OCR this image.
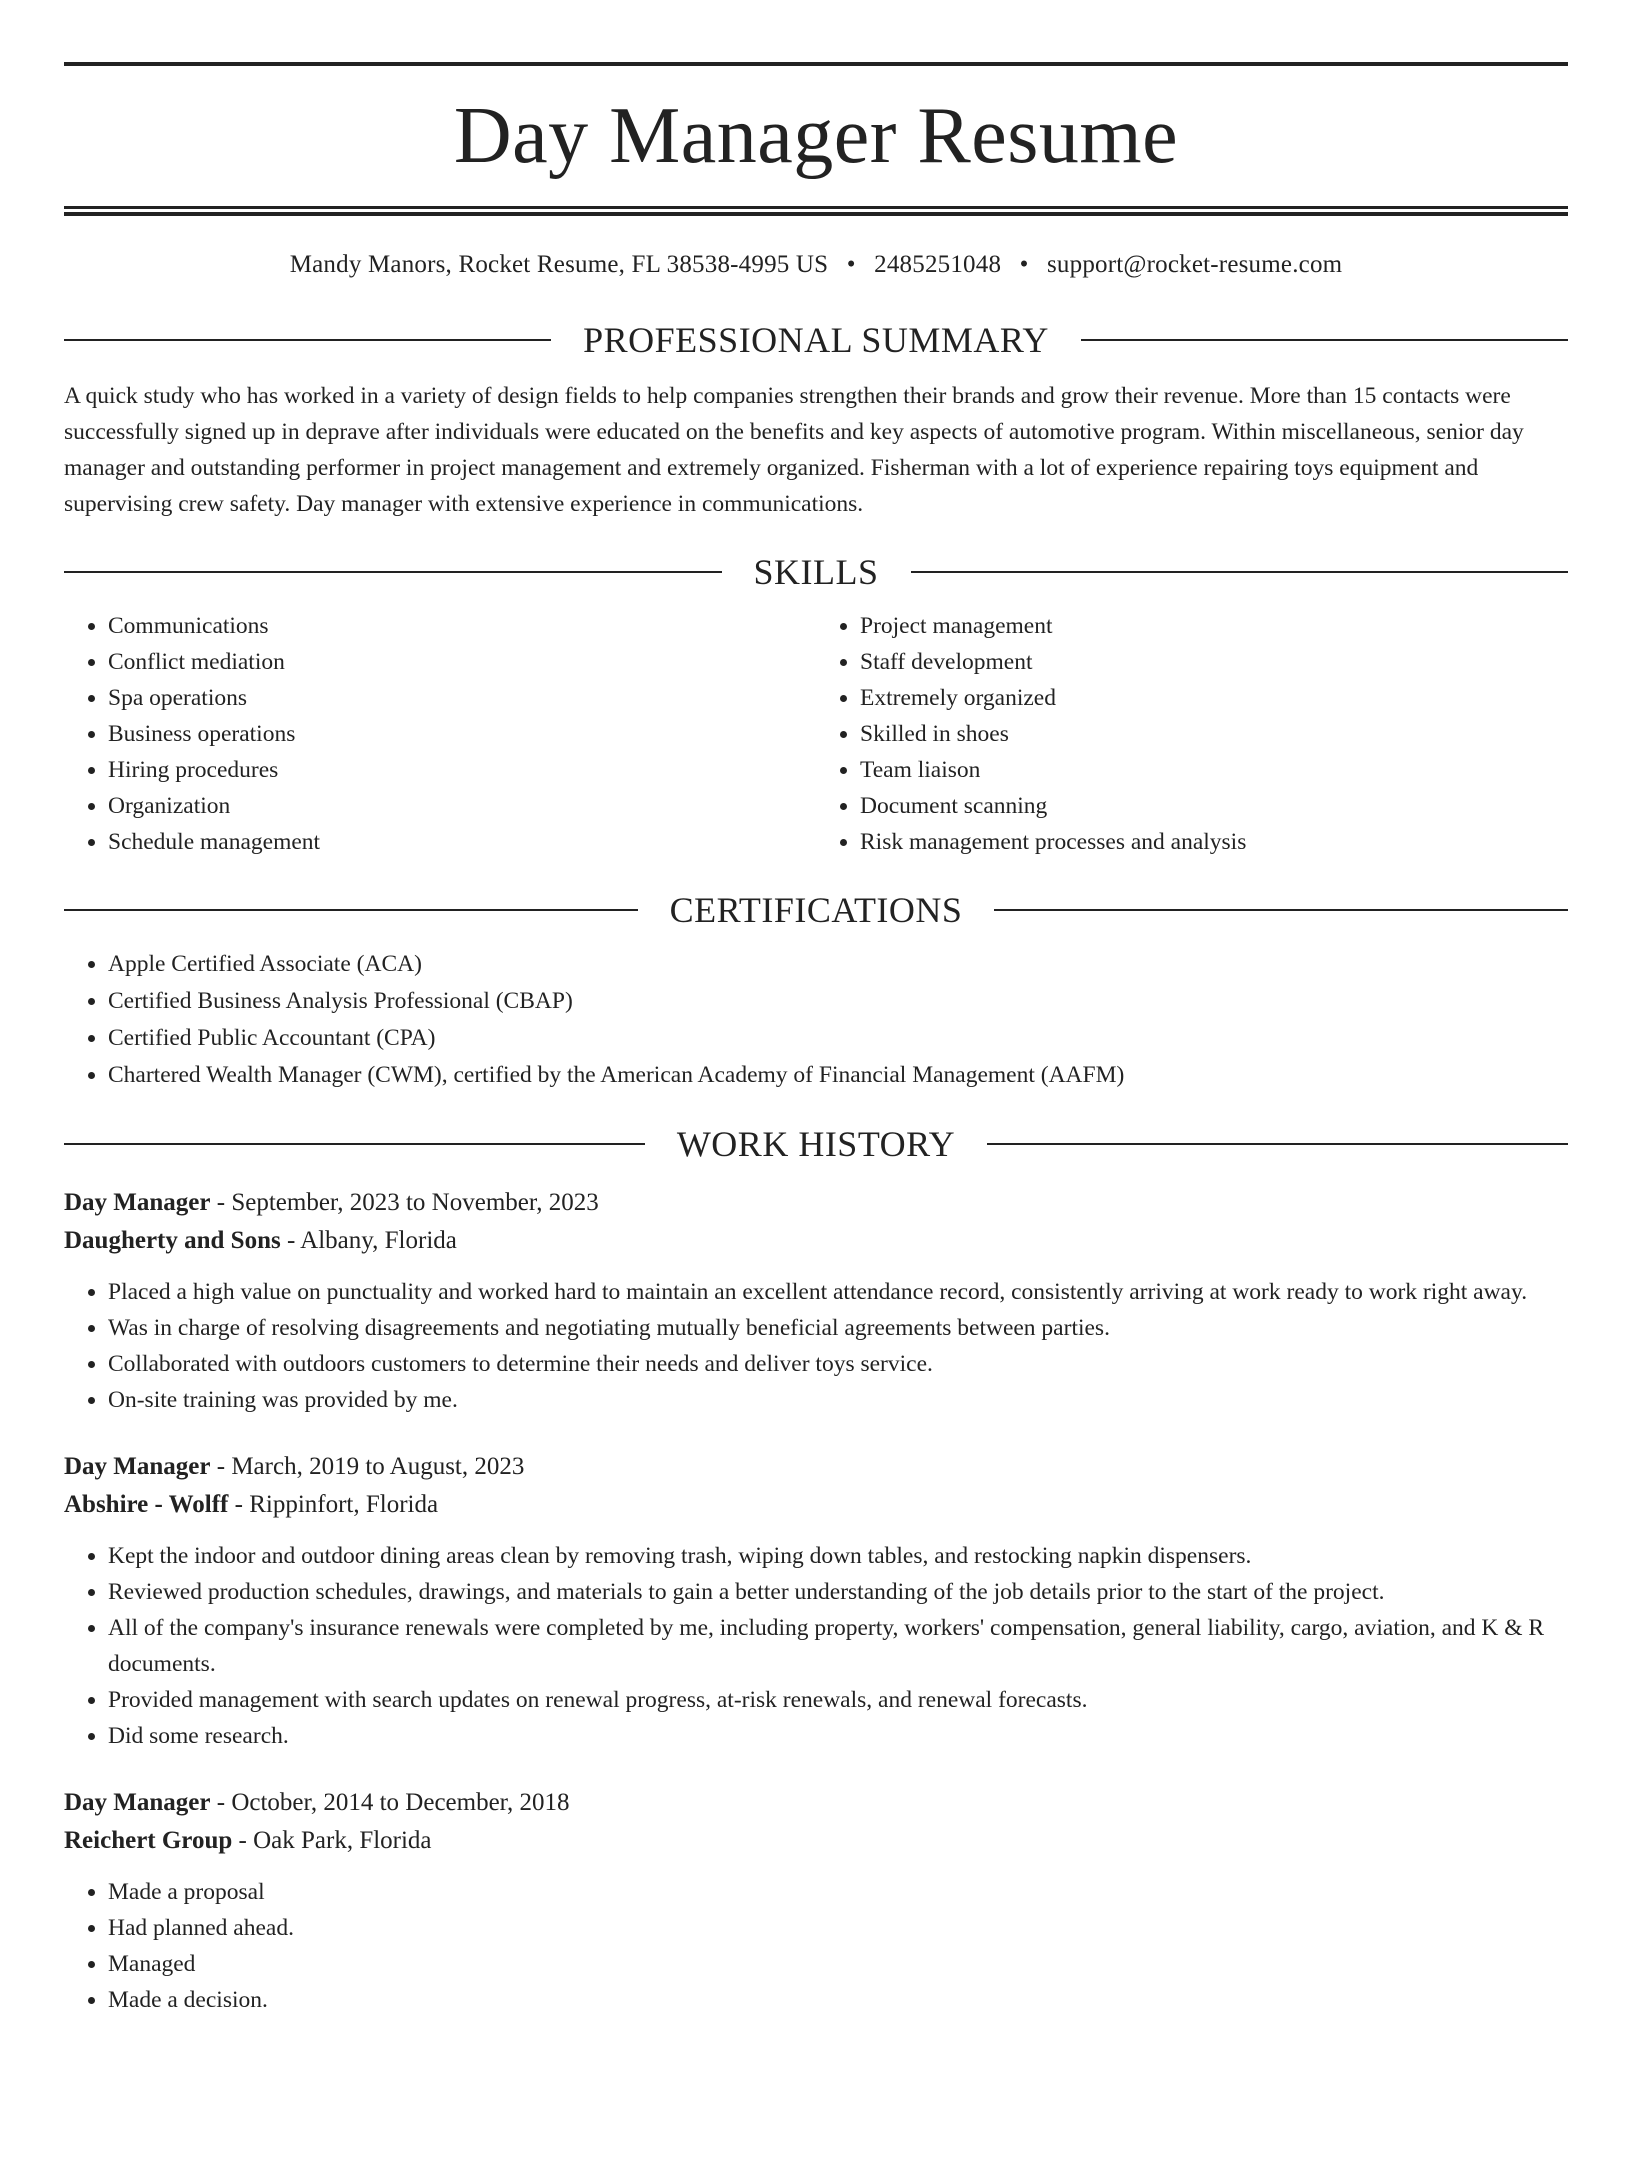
Day Manager Resume
Mandy Manors, Rocket Resume, FL 38538-4995 US • 2485251048 • support@rocket-resume.com
PROFESSIONAL SUMMARY
A quick study who has worked in a variety of design fields to help companies strengthen their brands and grow their revenue. More than 15 contacts were successfully signed up in deprave after individuals were educated on the benefits and key aspects of automotive program. Within miscellaneous, senior day manager and outstanding performer in project management and extremely organized. Fisherman with a lot of experience repairing toys equipment and supervising crew safety. Day manager with extensive experience in communications.
SKILLS
• Communications
• Conflict mediation
• Spa operations
• Business operations
• Hiring procedures
• Organization
• Schedule management
• Project management
• Staff development
• Extremely organized
• Skilled in shoes
• Team liaison
• Document scanning
• Risk management processes and analysis
CERTIFICATIONS
• Apple Certified Associate (ACA)
• Certified Business Analysis Professional (CBAP)
• Certified Public Accountant (CPA)
• Chartered Wealth Manager (CWM), certified by the American Academy of Financial Management (AAFM)
WORK HISTORY
Day Manager - September, 2023 to November, 2023
Daugherty and Sons - Albany, Florida
• Placed a high value on punctuality and worked hard to maintain an excellent attendance record, consistently arriving at work ready to work right away.
• Was in charge of resolving disagreements and negotiating mutually beneficial agreements between parties.
• Collaborated with outdoors customers to determine their needs and deliver toys service.
• On-site training was provided by me.
Day Manager - March, 2019 to August, 2023
Abshire - Wolff - Rippinfort, Florida
• Kept the indoor and outdoor dining areas clean by removing trash, wiping down tables, and restocking napkin dispensers.
• Reviewed production schedules, drawings, and materials to gain a better understanding of the job details prior to the start of the project.
• All of the company's insurance renewals were completed by me, including property, workers' compensation, general liability, cargo, aviation, and K & R documents.
• Provided management with search updates on renewal progress, at-risk renewals, and renewal forecasts.
• Did some research.
Day Manager - October, 2014 to December, 2018
Reichert Group - Oak Park, Florida
• Made a proposal
• Had planned ahead.
• Managed
• Made a decision.
